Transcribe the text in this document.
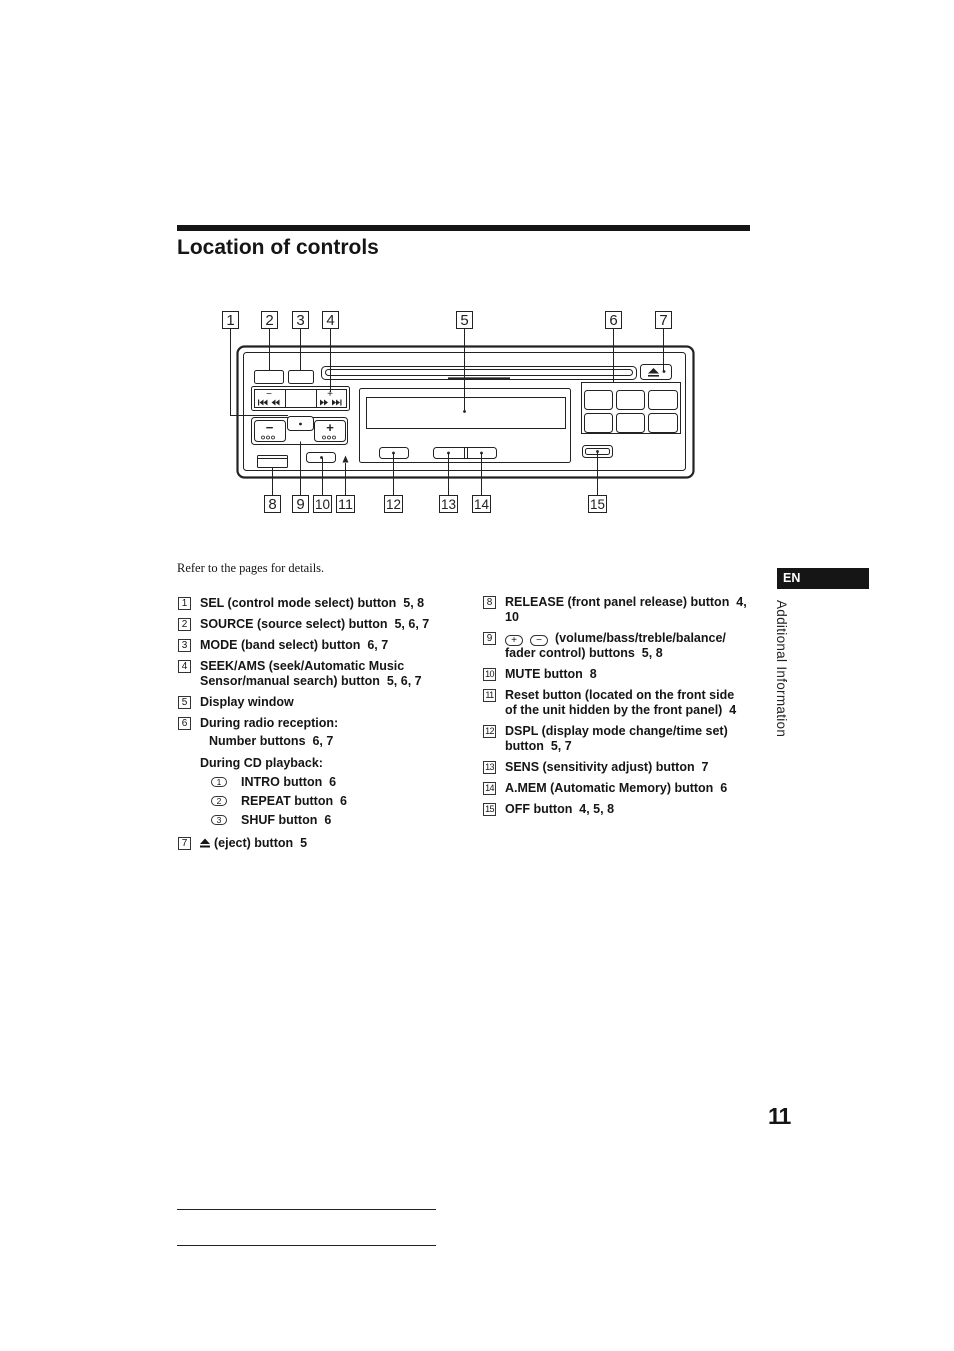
Location of controls
−	+
−	+
1 2 3 4	5	6	7
8 9 10 11 12	13 14	15
Refer to the pages for details.
1 SEL (control mode select) button  5, 8
2 SOURCE (source select) button  5, 6, 7
3 MODE (band select) button  6, 7
4 SEEK/AMS (seek/Automatic Music
Sensor/manual search) button  5, 6, 7
5 Display window
6 During radio reception:
Number buttons  6, 7
During CD playback:
1	INTRO button  6
2	REPEAT button  6
3	SHUF button  6
7	(eject) button  5
8 RELEASE (front panel release) button  4,
10
9	+ − (volume/bass/treble/balance/
fader control) buttons  5, 8
10 MUTE button  8
11 Reset button (located on the front side
of the unit hidden by the front panel)  4
12 DSPL (display mode change/time set)
button  5, 7
13 SENS (sensitivity adjust) button  7
14 A.MEM (Automatic Memory) button  6
15 OFF button  4, 5, 8
EN
Additional Information
11
